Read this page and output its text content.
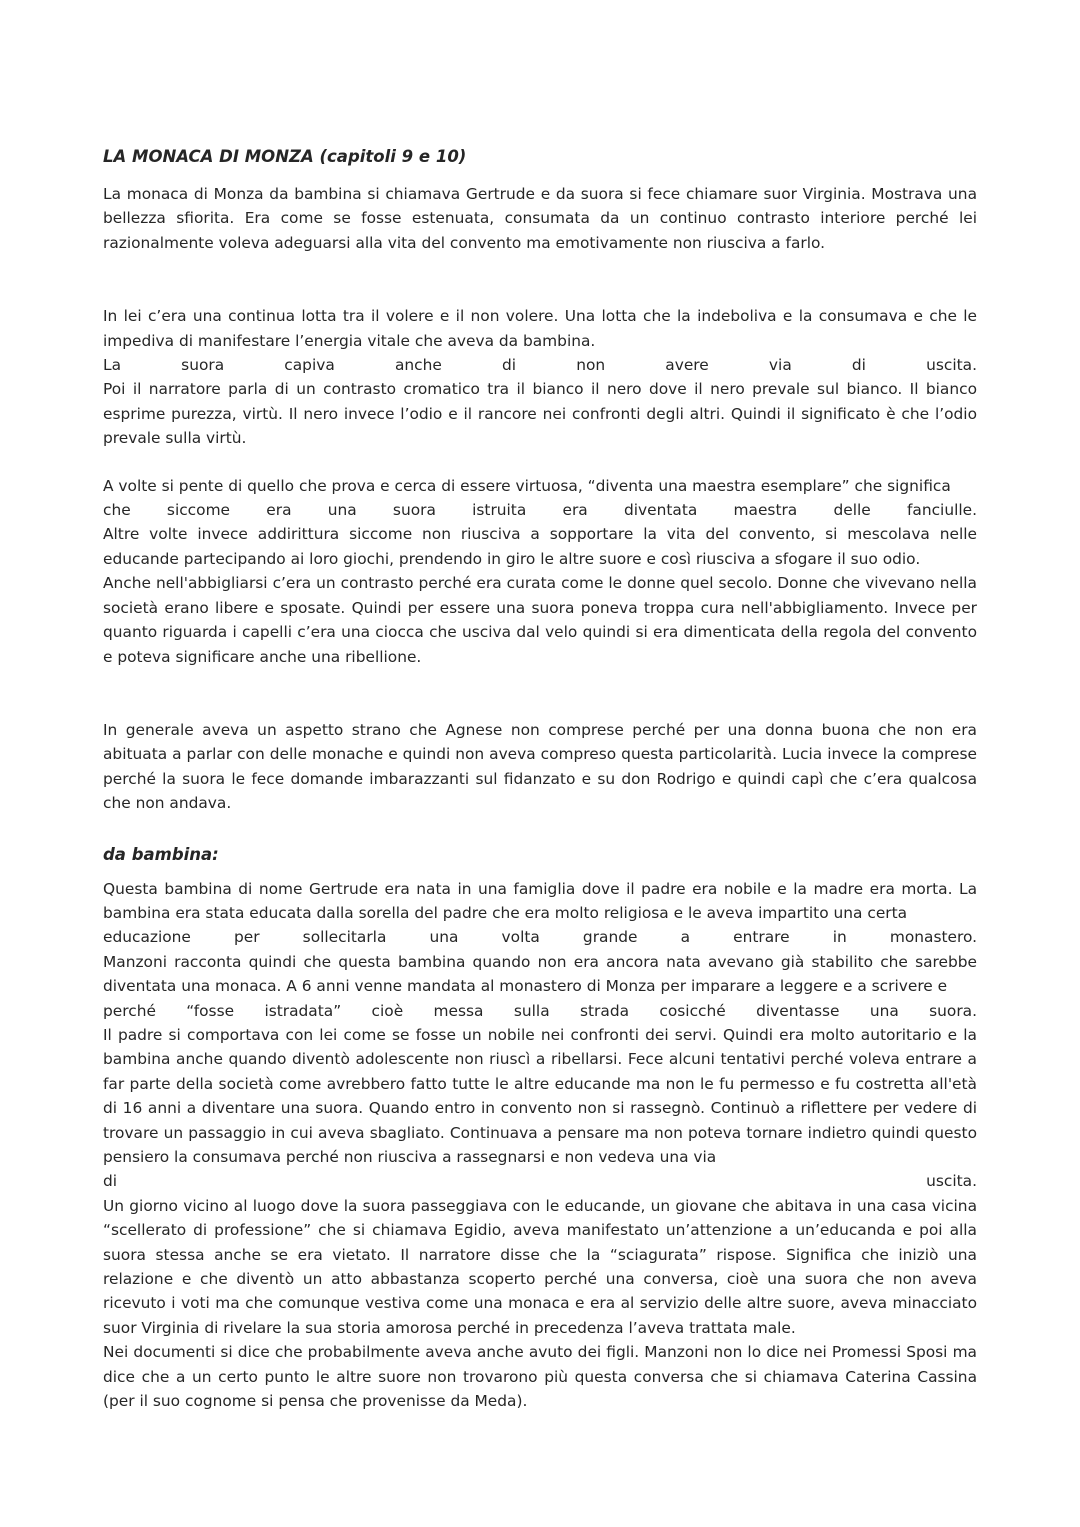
LA MONACA DI MONZA (capitoli 9 e 10)

La monaca di Monza da bambina si chiamava Gertrude e da suora si fece chiamare suor Virginia. Mostrava una bellezza sfiorita. Era come se fosse estenuata, consumata da un continuo contrasto interiore perché lei razionalmente voleva adeguarsi alla vita del convento ma emotivamente non riusciva a farlo.

In lei c’era una continua lotta tra il volere e il non volere. Una lotta che la indeboliva e la consumava e che le impediva di manifestare l’energia vitale che aveva da bambina.
La suora capiva anche di non avere via di uscita.
Poi il narratore parla di un contrasto cromatico tra il bianco il nero dove il nero prevale sul bianco. Il bianco esprime purezza, virtù. Il nero invece l’odio e il rancore nei confronti degli altri. Quindi il significato è che l’odio prevale sulla virtù.

A volte si pente di quello che prova e cerca di essere virtuosa, “diventa una maestra esemplare” che significa
che siccome era una suora istruita era diventata maestra delle fanciulle.
Altre volte invece addirittura siccome non riusciva a sopportare la vita del convento, si mescolava nelle educande partecipando ai loro giochi, prendendo in giro le altre suore e così riusciva a sfogare il suo odio.
Anche nell'abbigliarsi c’era un contrasto perché era curata come le donne quel secolo. Donne che vivevano nella società erano libere e sposate. Quindi per essere una suora poneva troppa cura nell'abbigliamento. Invece per quanto riguarda i capelli c’era una ciocca che usciva dal velo quindi si era dimenticata della regola del convento e poteva significare anche una ribellione.

In generale aveva un aspetto strano che Agnese non comprese perché per una donna buona che non era abituata a parlar con delle monache e quindi non aveva compreso questa particolarità. Lucia invece la comprese perché la suora le fece domande imbarazzanti sul fidanzato e su don Rodrigo e quindi capì che c’era qualcosa che non andava.

da bambina:

Questa bambina di nome Gertrude era nata in una famiglia dove il padre era nobile e la madre era morta. La bambina era stata educata dalla sorella del padre che era molto religiosa e le aveva impartito una certa
educazione per sollecitarla una volta grande a entrare in monastero.
Manzoni racconta quindi che questa bambina quando non era ancora nata avevano già stabilito che sarebbe diventata una monaca. A 6 anni venne mandata al monastero di Monza per imparare a leggere e a scrivere e
perché “fosse istradata” cioè messa sulla strada cosicché diventasse una suora.
Il padre si comportava con lei come se fosse un nobile nei confronti dei servi. Quindi era molto autoritario e la bambina anche quando diventò adolescente non riuscì a ribellarsi. Fece alcuni tentativi perché voleva entrare a far parte della società come avrebbero fatto tutte le altre educande ma non le fu permesso e fu costretta all'età di 16 anni a diventare una suora. Quando entro in convento non si rassegnò. Continuò a riflettere per vedere di trovare un passaggio in cui aveva sbagliato. Continuava a pensare ma non poteva tornare indietro quindi questo pensiero la consumava perché non riusciva a rassegnarsi e non vedeva una via
di uscita.
Un giorno vicino al luogo dove la suora passeggiava con le educande, un giovane che abitava in una casa vicina “scellerato di professione” che si chiamava Egidio, aveva manifestato un’attenzione a un’educanda e poi alla suora stessa anche se era vietato. Il narratore disse che la “sciagurata” rispose. Significa che iniziò una relazione e che diventò un atto abbastanza scoperto perché una conversa, cioè una suora che non aveva ricevuto i voti ma che comunque vestiva come una monaca e era al servizio delle altre suore, aveva minacciato suor Virginia di rivelare la sua storia amorosa perché in precedenza l’aveva trattata male.
Nei documenti si dice che probabilmente aveva anche avuto dei figli. Manzoni non lo dice nei Promessi Sposi ma dice che a un certo punto le altre suore non trovarono più questa conversa che si chiamava Caterina Cassina (per il suo cognome si pensa che provenisse da Meda).
